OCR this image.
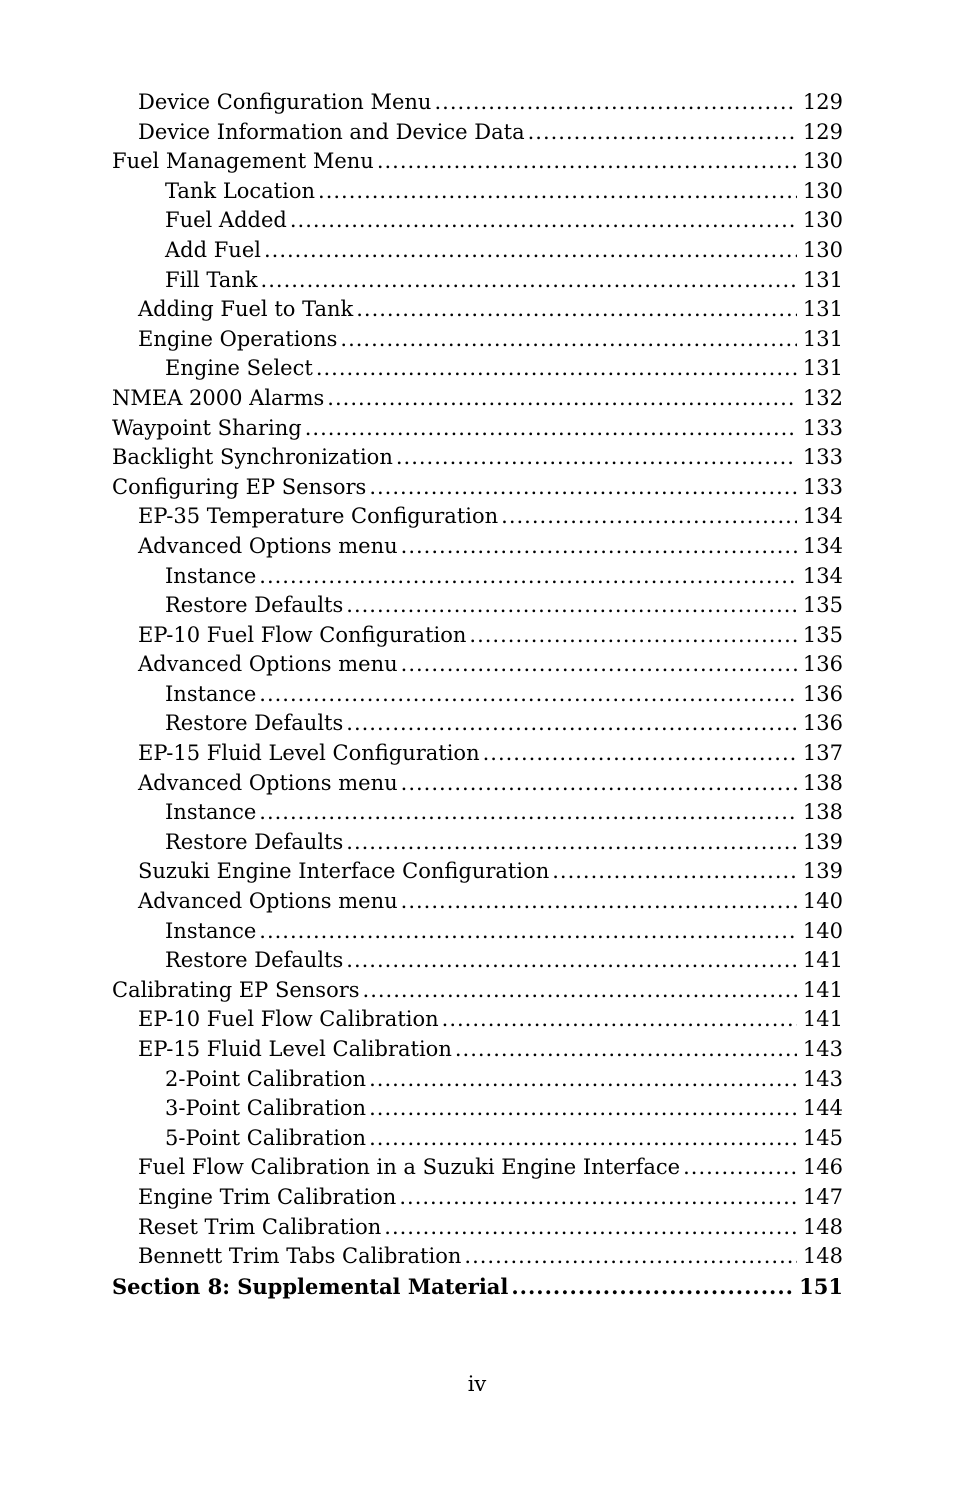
Device Configuration Menu .....	129
Device Information and Device Data .....	129
Fuel Management Menu .....	130
Tank Location .....	130
Fuel Added .....	130
Add Fuel .....	130
Fill Tank .....	131
Adding Fuel to Tank .....	131
Engine Operations .....	131
Engine Select .....	131
NMEA 2000 Alarms .....	132
Waypoint Sharing .....	133
Backlight Synchronization .....	133
Configuring EP Sensors .....	133
EP-35 Temperature Configuration .....	134
Advanced Options menu .....	134
Instance .....	134
Restore Defaults .....	135
EP-10 Fuel Flow Configuration .....	135
Advanced Options menu .....	136
Instance .....	136
Restore Defaults .....	136
EP-15 Fluid Level Configuration .....	137
Advanced Options menu .....	138
Instance .....	138
Restore Defaults .....	139
Suzuki Engine Interface Configuration .....	139
Advanced Options menu .....	140
Instance .....	140
Restore Defaults .....	141
Calibrating EP Sensors .....	141
EP-10 Fuel Flow Calibration .....	141
EP-15 Fluid Level Calibration .....	143
2-Point Calibration .....	143
3-Point Calibration .....	144
5-Point Calibration .....	145
Fuel Flow Calibration in a Suzuki Engine Interface .....	146
Engine Trim Calibration .....	147
Reset Trim Calibration .....	148
Bennett Trim Tabs Calibration .....	148
Section 8: Supplemental Material .....	151
iv
